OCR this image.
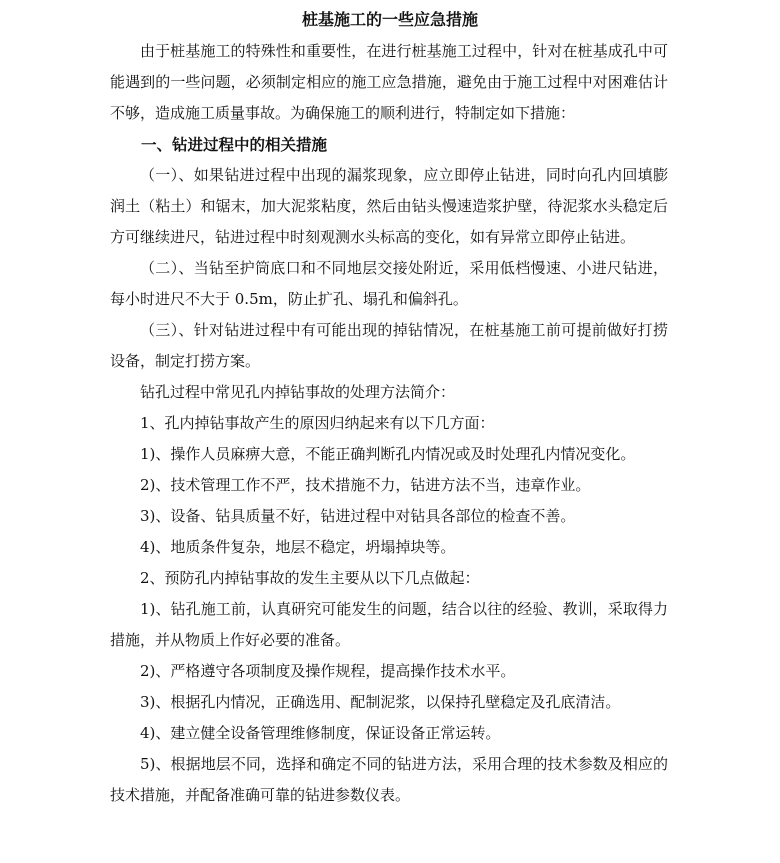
桩基施工的一些应急措施

由于桩基施工的特殊性和重要性，在进行桩基施工过程中，针对在桩基成孔中可能遇到的一些问题，必须制定相应的施工应急措施，避免由于施工过程中对困难估计不够，造成施工质量事故。为确保施工的顺利进行，特制定如下措施：

一、钻进过程中的相关措施

（一）、如果钻进过程中出现的漏浆现象，应立即停止钻进，同时向孔内回填膨润土（粘土）和锯末，加大泥浆粘度，然后由钻头慢速造浆护壁，待泥浆水头稳定后方可继续进尺，钻进过程中时刻观测水头标高的变化，如有异常立即停止钻进。

（二）、当钻至护筒底口和不同地层交接处附近，采用低档慢速、小进尺钻进，每小时进尺不大于 0.5m，防止扩孔、塌孔和偏斜孔。

（三）、针对钻进过程中有可能出现的掉钻情况，在桩基施工前可提前做好打捞设备，制定打捞方案。

钻孔过程中常见孔内掉钻事故的处理方法简介：

1、孔内掉钻事故产生的原因归纳起来有以下几方面：

1)、操作人员麻痹大意，不能正确判断孔内情况或及时处理孔内情况变化。

2)、技术管理工作不严，技术措施不力，钻进方法不当，违章作业。

3)、设备、钻具质量不好，钻进过程中对钻具各部位的检查不善。

4)、地质条件复杂，地层不稳定，坍塌掉块等。

2、预防孔内掉钻事故的发生主要从以下几点做起：

1)、钻孔施工前，认真研究可能发生的问题，结合以往的经验、教训，采取得力措施，并从物质上作好必要的准备。

2)、严格遵守各项制度及操作规程，提高操作技术水平。

3)、根据孔内情况，正确选用、配制泥浆，以保持孔壁稳定及孔底清洁。

4)、建立健全设备管理维修制度，保证设备正常运转。

5)、根据地层不同，选择和确定不同的钻进方法，采用合理的技术参数及相应的技术措施，并配备准确可靠的钻进参数仪表。
